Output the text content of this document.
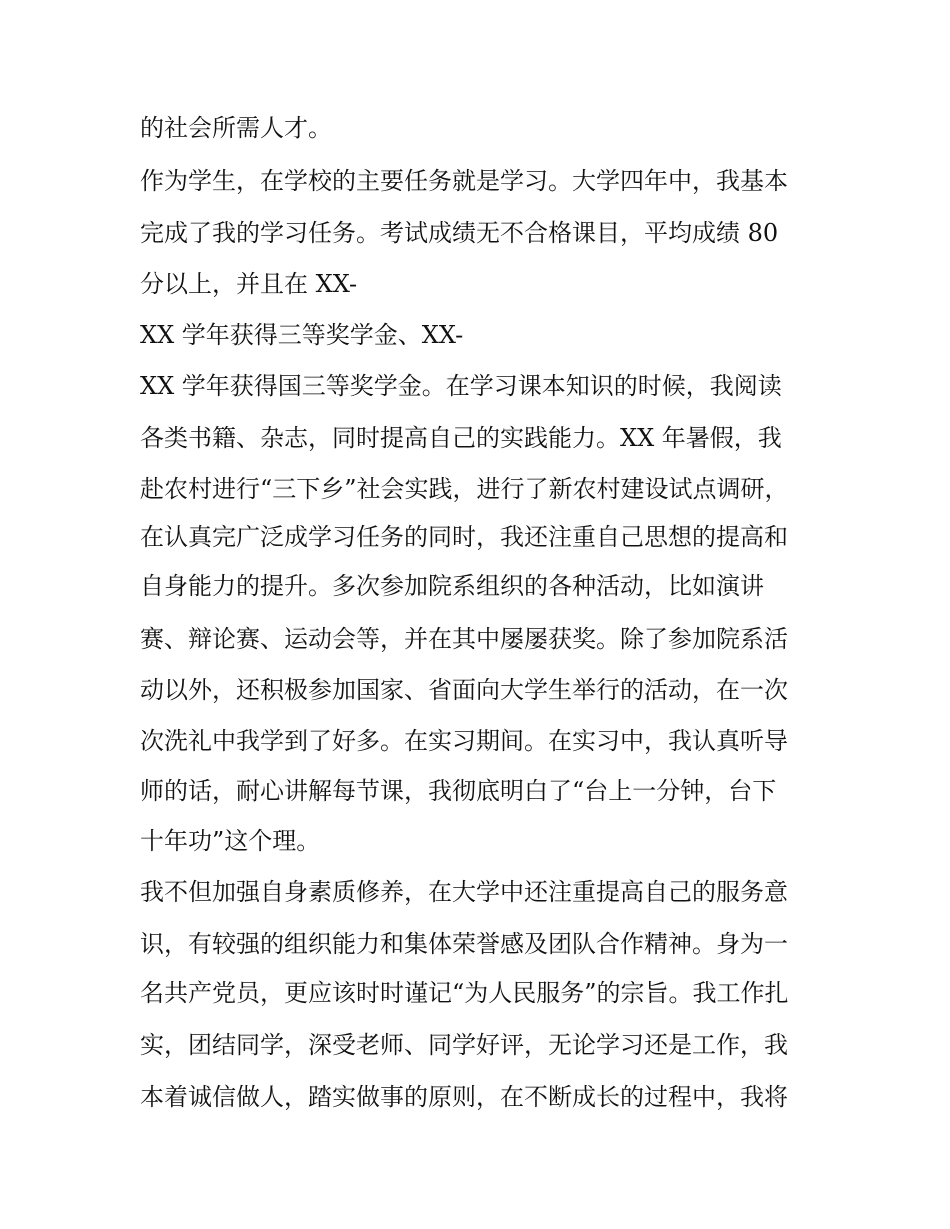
的社会所需人才。

作为学生，在学校的主要任务就是学习。大学四年中，我基本

完成了我的学习任务。考试成绩无不合格课目，平均成绩 80

分以上，并且在 XX-

XX 学年获得三等奖学金、XX-

XX 学年获得国三等奖学金。在学习课本知识的时候，我阅读

各类书籍、杂志，同时提高自己的实践能力。XX 年暑假，我

赴农村进行“三下乡”社会实践，进行了新农村建设试点调研，

在认真完广泛成学习任务的同时，我还注重自己思想的提高和

自身能力的提升。多次参加院系组织的各种活动，比如演讲

赛、辩论赛、运动会等，并在其中屡屡获奖。除了参加院系活

动以外，还积极参加国家、省面向大学生举行的活动，在一次

次洗礼中我学到了好多。在实习期间。在实习中，我认真听导

师的话，耐心讲解每节课，我彻底明白了“台上一分钟，台下

十年功”这个理。

我不但加强自身素质修养，在大学中还注重提高自己的服务意

识，有较强的组织能力和集体荣誉感及团队合作精神。身为一

名共产党员，更应该时时谨记“为人民服务”的宗旨。我工作扎

实，团结同学，深受老师、同学好评，无论学习还是工作，我

本着诚信做人，踏实做事的原则，在不断成长的过程中，我将
